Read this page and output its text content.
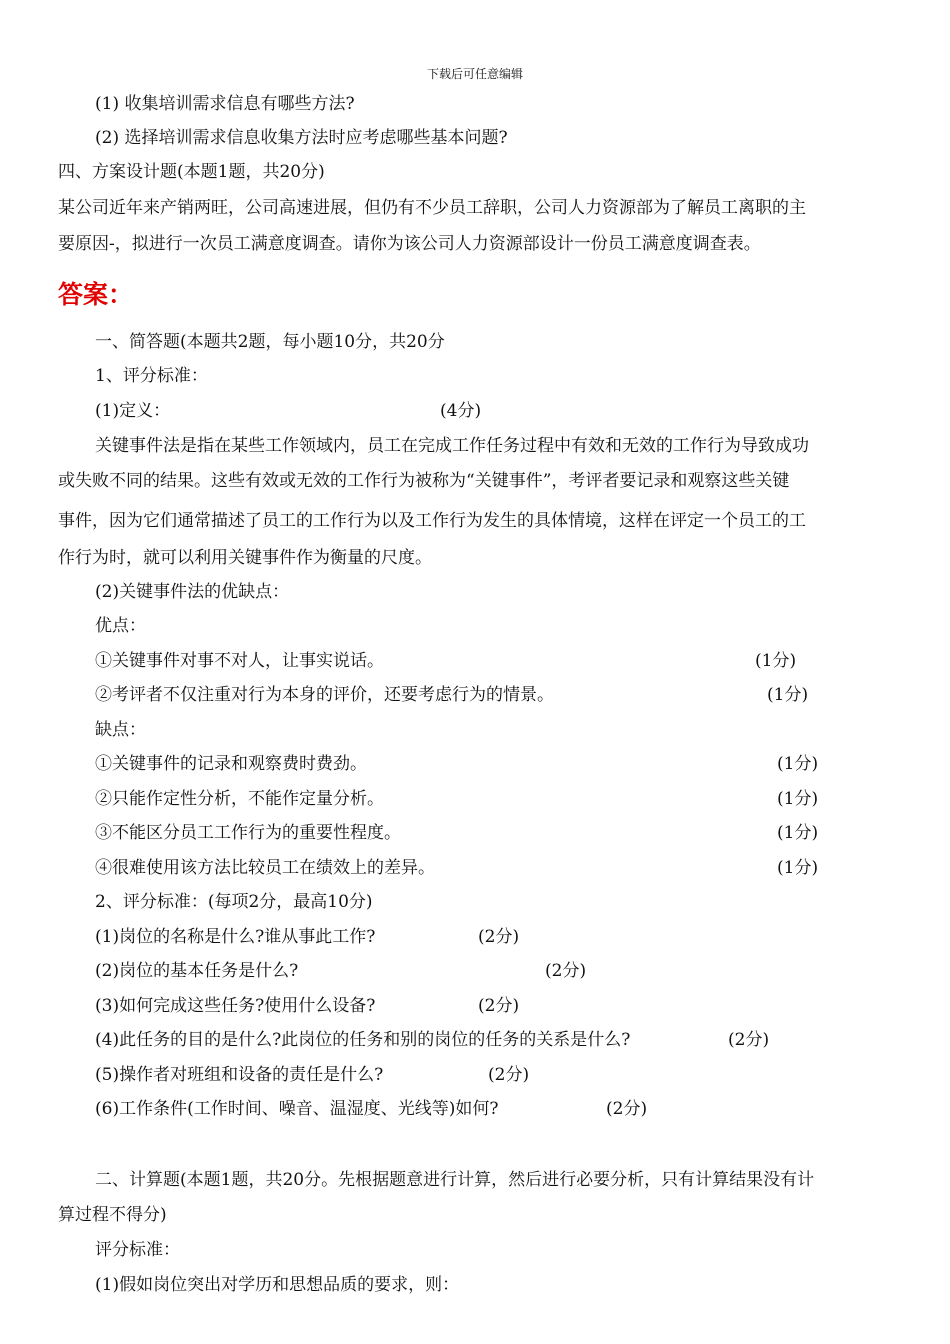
下载后可任意编辑
(1) 收集培训需求信息有哪些方法?
(2) 选择培训需求信息收集方法时应考虑哪些基本问题?
四、方案设计题(本题1题，共20分)
某公司近年来产销两旺，公司高速进展，但仍有不少员工辞职，公司人力资源部为了解员工离职的主
要原因-，拟进行一次员工满意度调查。请你为该公司人力资源部设计一份员工满意度调查表。
答案：
一、简答题(本题共2题，每小题10分，共20分
1、评分标准：
(1)定义：	(4分)
关键事件法是指在某些工作领域内，员工在完成工作任务过程中有效和无效的工作行为导致成功
或失败不同的结果。这些有效或无效的工作行为被称为“关键事件”，考评者要记录和观察这些关键
事件，因为它们通常描述了员工的工作行为以及工作行为发生的具体情境，这样在评定一个员工的工
作行为时，就可以利用关键事件作为衡量的尺度。
(2)关键事件法的优缺点：
优点：
①关键事件对事不对人，让事实说话。	(1分)
②考评者不仅注重对行为本身的评价，还要考虑行为的情景。	(1分)
缺点：
①关键事件的记录和观察费时费劲。	(1分)
②只能作定性分析，不能作定量分析。	(1分)
③不能区分员工工作行为的重要性程度。	(1分)
④很难使用该方法比较员工在绩效上的差异。	(1分)
2、评分标准：(每项2分，最高10分)
(1)岗位的名称是什么?谁从事此工作?	(2分)
(2)岗位的基本任务是什么?	(2分)
(3)如何完成这些任务?使用什么设备?	(2分)
(4)此任务的目的是什么?此岗位的任务和别的岗位的任务的关系是什么?	(2分)
(5)操作者对班组和设备的责任是什么?	(2分)
(6)工作条件(工作时间、噪音、温湿度、光线等)如何?	(2分)
二、计算题(本题1题，共20分。先根据题意进行计算，然后进行必要分析，只有计算结果没有计
算过程不得分)
评分标准：
(1)假如岗位突出对学历和思想品质的要求，则：
